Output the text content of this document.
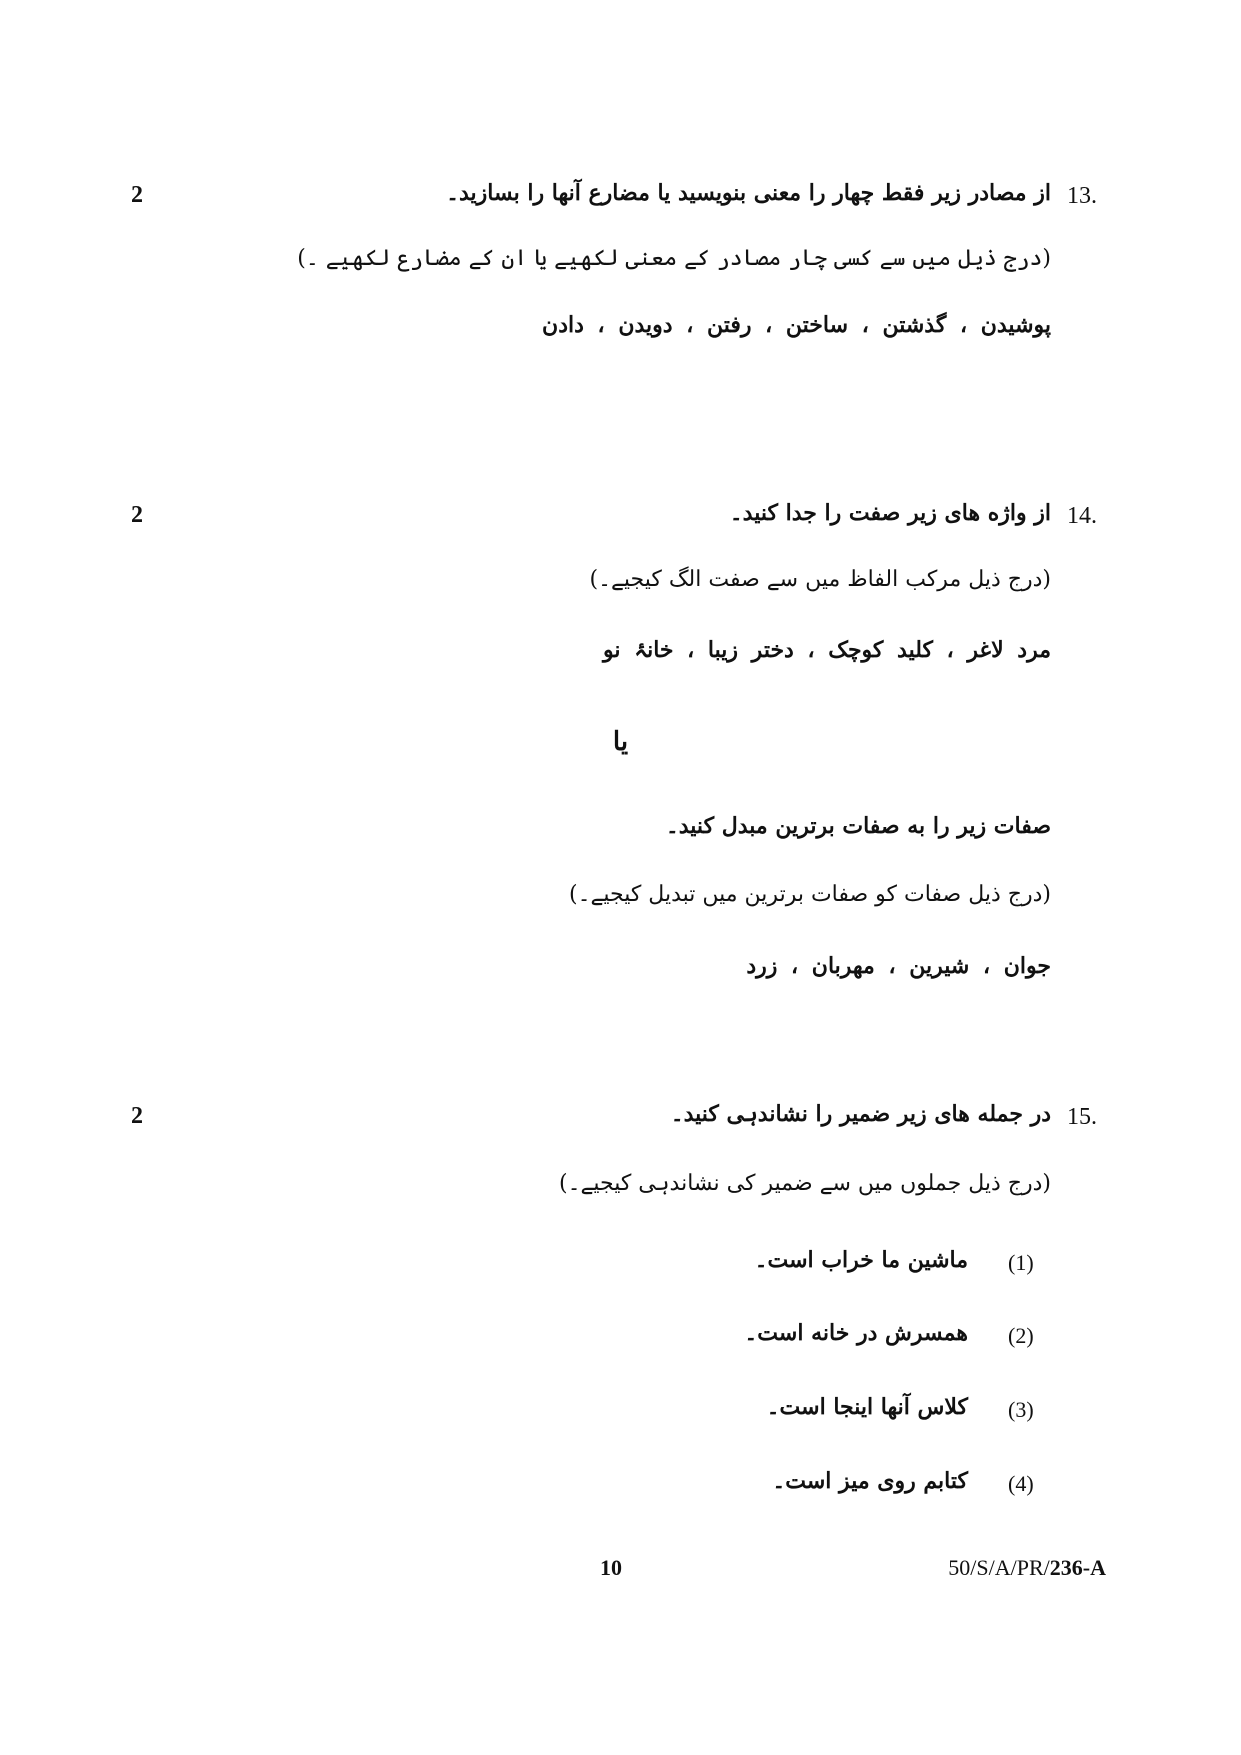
2	13.
از مصادر زیر فقط چهار را معنی بنویسید یا مضارع آنها را بسازید۔
(درج ذیل میں سے کسی چار مصادر کے معنی لکھیے یا ان کے مضارع لکھیے ۔)
پوشیدن ، گذشتن ، ساختن ، رفتن ، دویدن ، دادن
2	14.
از واژه های زیر صفت را جدا کنید۔
(درج ذیل مرکب الفاظ میں سے صفت الگ کیجیے۔)
مرد لاغر ، کلید کوچک ، دختر زیبا ، خانۂ نو
یا
صفات زیر را به صفات برترین مبدل کنید۔
(درج ذیل صفات کو صفات برترین میں تبدیل کیجیے۔)
جوان ، شیرین ، مهربان ، زرد
2	15.
در جمله های زیر ضمیر را نشاندہی کنید۔
(درج ذیل جملوں میں سے ضمیر کی نشاندہی کیجیے۔)
(1)
ماشین ما خراب است۔
(2)
همسرش در خانه است۔
(3)
کلاس آنها اینجا است۔
(4)
کتابم روی میز است۔
10	50/S/A/PR/236-A
